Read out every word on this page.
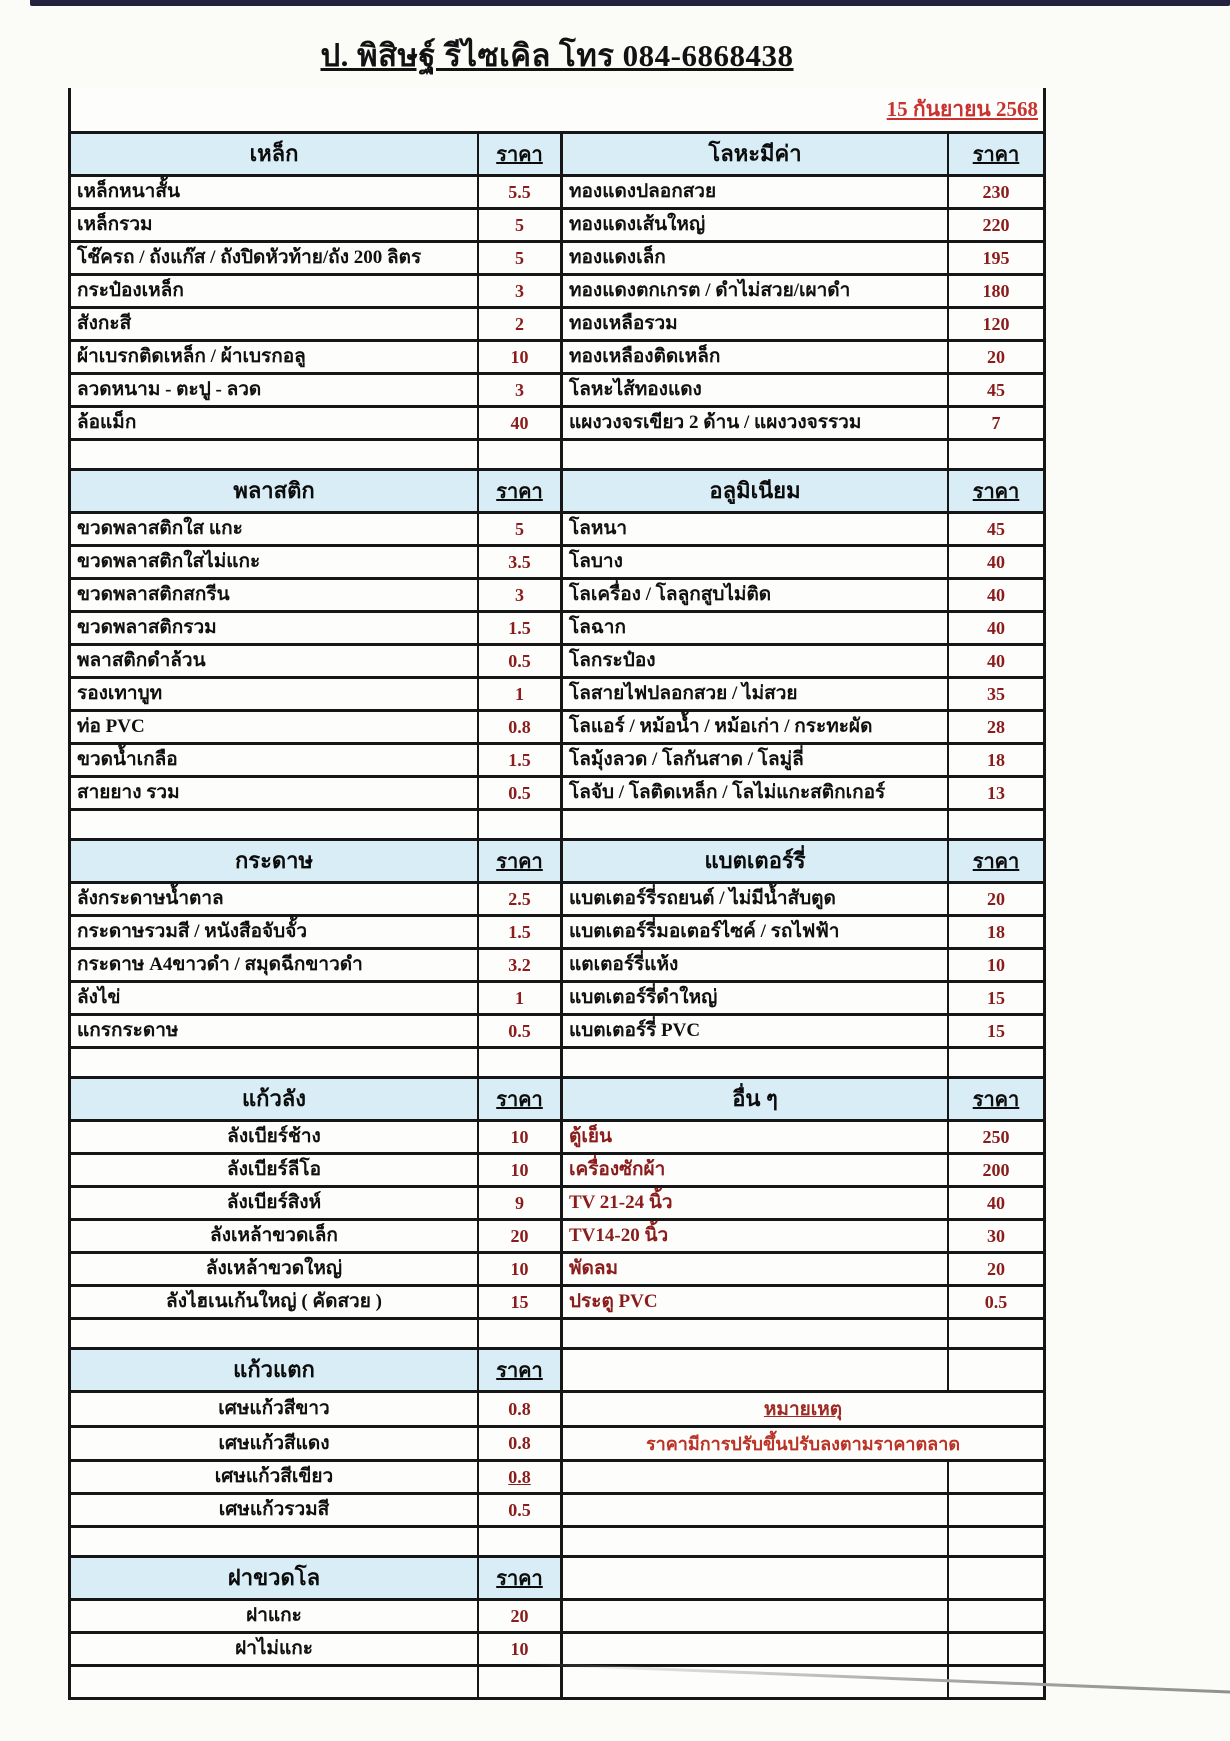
ป. พิสิษฐ์ รีไซเคิล โทร 084-6868438
15 กันยายน 2568
เหล็ก	ราคา	โลหะมีค่า	ราคา
เหล็กหนาสั้น	5.5	ทองแดงปลอกสวย	230
เหล็กรวม	5	ทองแดงเส้นใหญ่	220
โช๊ครถ / ถังแก๊ส / ถังปิดหัวท้าย/ถัง 200 ลิตร	5	ทองแดงเล็ก	195
กระป๋องเหล็ก	3	ทองแดงตกเกรต / ดำไม่สวย/เผาดำ	180
สังกะสี	2	ทองเหลือรวม	120
ผ้าเบรกติดเหล็ก / ผ้าเบรกอลู	10	ทองเหลืองติดเหล็ก	20
ลวดหนาม - ตะปู - ลวด	3	โลหะไส้ทองแดง	45
ล้อแม็ก	40	แผงวงจรเขียว 2 ด้าน / แผงวงจรรวม	7
พลาสติก	ราคา	อลูมิเนียม	ราคา
ขวดพลาสติกใส แกะ	5	โลหนา	45
ขวดพลาสติกใสไม่แกะ	3.5	โลบาง	40
ขวดพลาสติกสกรีน	3	โลเครื่อง / โลลูกสูบไม่ติด	40
ขวดพลาสติกรวม	1.5	โลฉาก	40
พลาสติกดำล้วน	0.5	โลกระป๋อง	40
รองเทาบูท	1	โลสายไฟปลอกสวย / ไม่สวย	35
ท่อ PVC	0.8	โลแอร์ / หม้อน้ำ / หม้อเก่า / กระทะผัด	28
ขวดน้ำเกลือ	1.5	โลมุ้งลวด / โลกันสาด / โลมู่ลี่	18
สายยาง รวม	0.5	โลจับ / โลติดเหล็ก / โลไม่แกะสติกเกอร์	13
กระดาษ	ราคา	แบตเตอร์รี่	ราคา
ลังกระดาษน้ำตาล	2.5	แบตเตอร์รี่รถยนต์ / ไม่มีน้ำสับตูด	20
กระดาษรวมสี / หนังสือจับจั้ว	1.5	แบตเตอร์รี่มอเตอร์ไซค์ / รถไฟฟ้า	18
กระดาษ A4ขาวดำ / สมุดฉีกขาวดำ	3.2	แตเตอร์รี่แห้ง	10
ลังไข่	1	แบตเตอร์รี่ดำใหญ่	15
แกรกระดาษ	0.5	แบตเตอร์รี่ PVC	15
แก้วลัง	ราคา	อื่น ๆ	ราคา
ลังเบียร์ช้าง	10	ตู้เย็น	250
ลังเบียร์ลีโอ	10	เครื่องซักผ้า	200
ลังเบียร์สิงห์	9	TV 21-24 นิ้ว	40
ลังเหล้าขวดเล็ก	20	TV14-20 นิ้ว	30
ลังเหล้าขวดใหญ่	10	พัดลม	20
ลังไฮเนเก้นใหญ่ ( คัดสวย )	15	ประตู PVC	0.5
แก้วแตก	ราคา
เศษแก้วสีขาว	0.8	หมายเหตุ
เศษแก้วสีแดง	0.8	ราคามีการปรับขึ้นปรับลงตามราคาตลาด
เศษแก้วสีเขียว	0.8
เศษแก้วรวมสี	0.5
ฝาขวดโล	ราคา
ฝาแกะ	20
ฝาไม่แกะ	10
